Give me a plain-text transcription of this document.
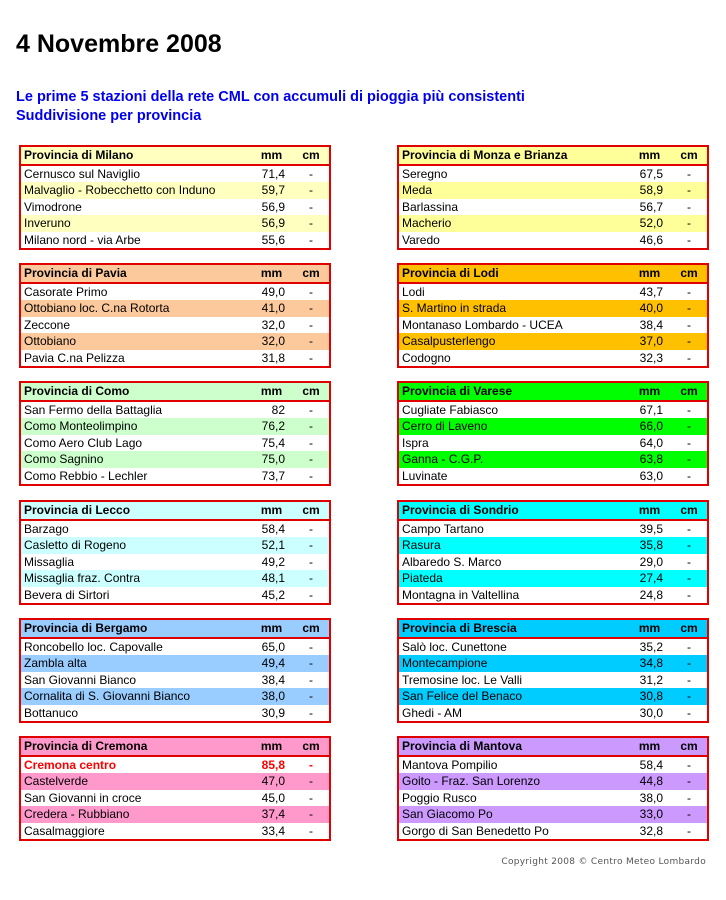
4 Novembre 2008
Le prime 5 stazioni della rete CML con accumuli di pioggia più consistenti
Suddivisione per provincia
Provincia di Milano	mm	cm
Cernusco sul Naviglio	71,4	-
Malvaglio - Robecchetto con Induno	59,7	-
Vimodrone	56,9	-
Inveruno	56,9	-
Milano nord - via Arbe	55,6	-
Provincia di Monza e Brianza	mm	cm
Seregno	67,5	-
Meda	58,9	-
Barlassina	56,7	-
Macherio	52,0	-
Varedo	46,6	-
Provincia di Pavia	mm	cm
Casorate Primo	49,0	-
Ottobiano loc. C.na Rotorta	41,0	-
Zeccone	32,0	-
Ottobiano	32,0	-
Pavia C.na Pelizza	31,8	-
Provincia di Lodi	mm	cm
Lodi	43,7	-
S. Martino in strada	40,0	-
Montanaso Lombardo - UCEA	38,4	-
Casalpusterlengo	37,0	-
Codogno	32,3	-
Provincia di Como	mm	cm
San Fermo della Battaglia	82	-
Como Monteolimpino	76,2	-
Como Aero Club Lago	75,4	-
Como Sagnino	75,0	-
Como Rebbio - Lechler	73,7	-
Provincia di Varese	mm	cm
Cugliate Fabiasco	67,1	-
Cerro di Laveno	66,0	-
Ispra	64,0	-
Ganna - C.G.P.	63,8	-
Luvinate	63,0	-
Provincia di Lecco	mm	cm
Barzago	58,4	-
Casletto di Rogeno	52,1	-
Missaglia	49,2	-
Missaglia fraz. Contra	48,1	-
Bevera di Sirtori	45,2	-
Provincia di Sondrio	mm	cm
Campo Tartano	39,5	-
Rasura	35,8	-
Albaredo S. Marco	29,0	-
Piateda	27,4	-
Montagna in Valtellina	24,8	-
Provincia di Bergamo	mm	cm
Roncobello loc. Capovalle	65,0	-
Zambla alta	49,4	-
San Giovanni Bianco	38,4	-
Cornalita di S. Giovanni Bianco	38,0	-
Bottanuco	30,9	-
Provincia di Brescia	mm	cm
Salò loc. Cunettone	35,2	-
Montecampione	34,8	-
Tremosine loc. Le Valli	31,2	-
San Felice del Benaco	30,8	-
Ghedi - AM	30,0	-
Provincia di Cremona	mm	cm
Cremona centro	85,8	-
Castelverde	47,0	-
San Giovanni in croce	45,0	-
Credera - Rubbiano	37,4	-
Casalmaggiore	33,4	-
Provincia di Mantova	mm	cm
Mantova Pompilio	58,4	-
Goito - Fraz. San Lorenzo	44,8	-
Poggio Rusco	38,0	-
San Giacomo Po	33,0	-
Gorgo di San Benedetto Po	32,8	-
Copyright 2008 © Centro Meteo Lombardo
